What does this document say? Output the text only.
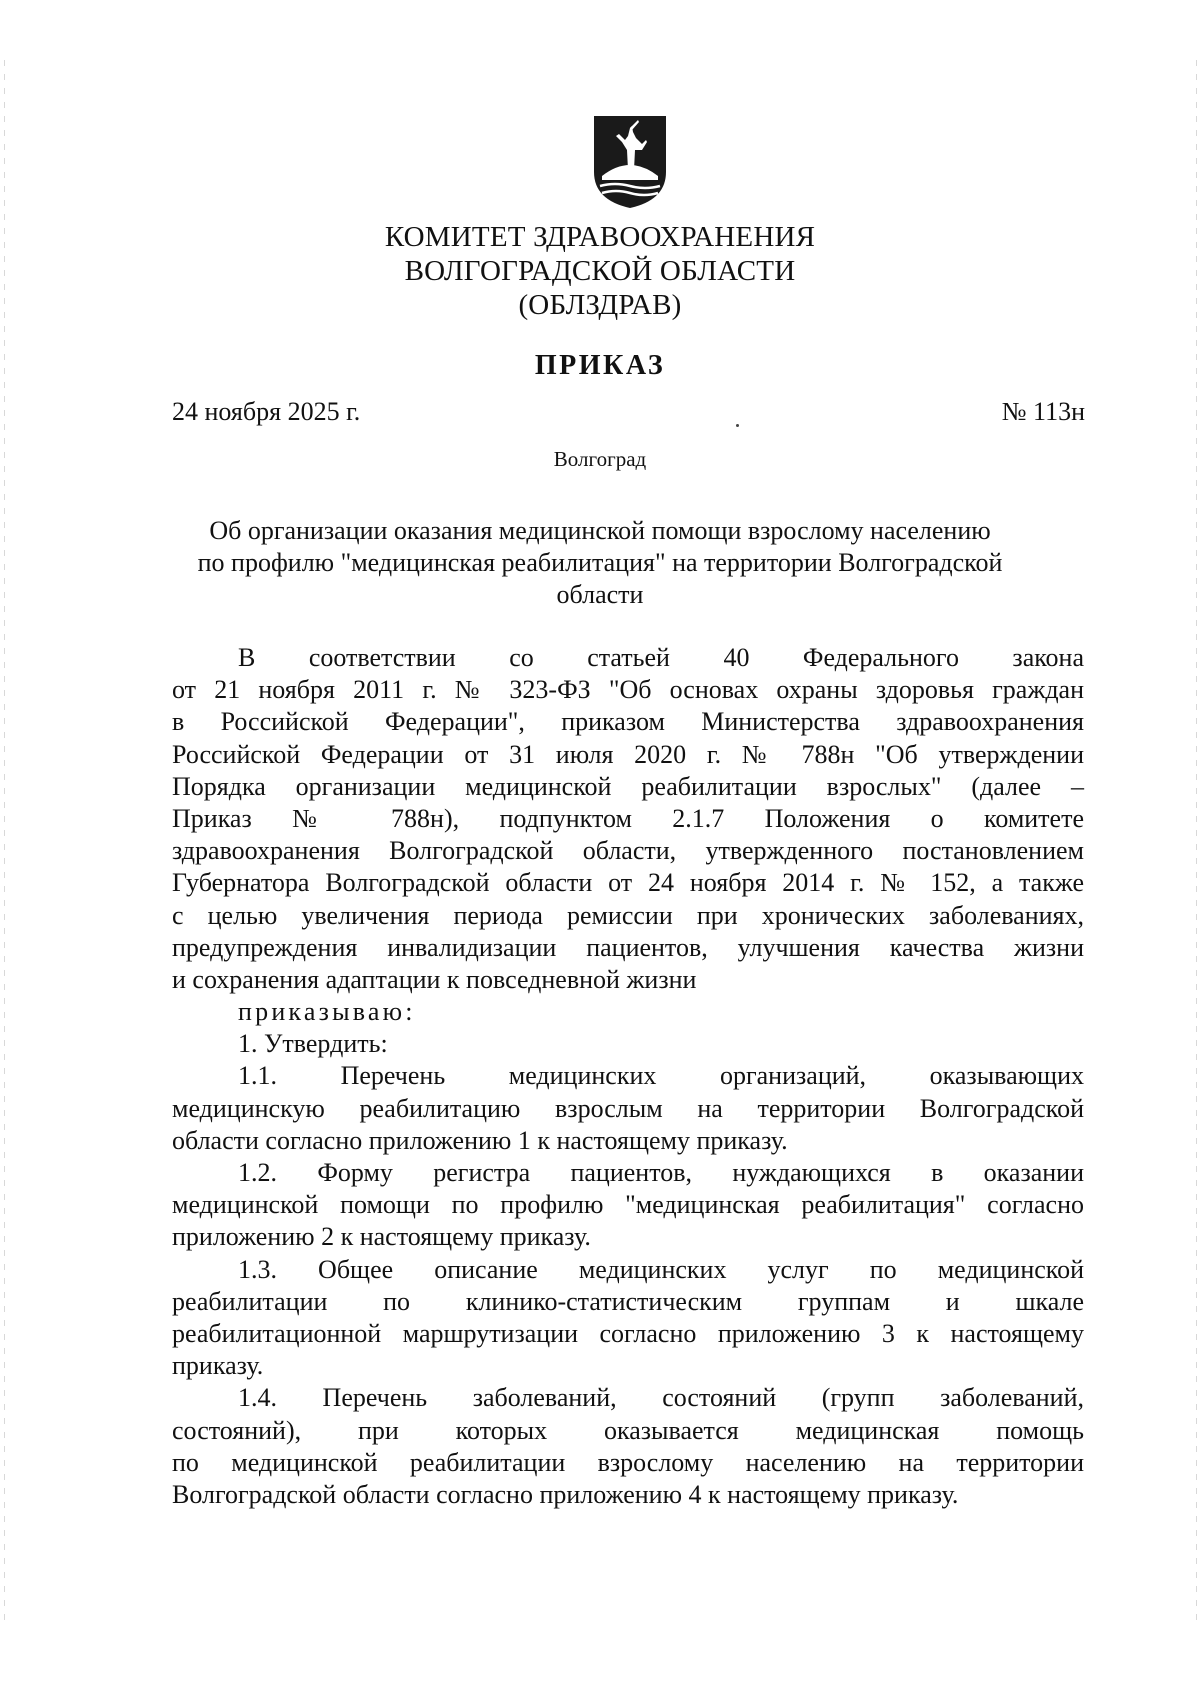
КОМИТЕТ ЗДРАВООХРАНЕНИЯ
ВОЛГОГРАДСКОЙ ОБЛАСТИ
(ОБЛЗДРАВ)
ПРИКАЗ
24 ноября 2025 г.	№ 113н
Волгоград
Об организации оказания медицинской помощи взрослому населению
по профилю "медицинская реабилитация" на территории Волгоградской
области
В соответствии со статьей 40 Федерального закона
от 21 ноября 2011 г. № 323-ФЗ "Об основах охраны здоровья граждан
в Российской Федерации", приказом Министерства здравоохранения
Российской Федерации от 31 июля 2020 г. № 788н "Об утверждении
Порядка организации медицинской реабилитации взрослых" (далее –
Приказ № 788н), подпунктом 2.1.7 Положения о комитете
здравоохранения Волгоградской области, утвержденного постановлением
Губернатора Волгоградской области от 24 ноября 2014 г. № 152, а также
с целью увеличения периода ремиссии при хронических заболеваниях,
предупреждения инвалидизации пациентов, улучшения качества жизни
и сохранения адаптации к повседневной жизни
приказываю:
1. Утвердить:
1.1. Перечень медицинских организаций, оказывающих
медицинскую реабилитацию взрослым на территории Волгоградской
области согласно приложению 1 к настоящему приказу.
1.2. Форму регистра пациентов, нуждающихся в оказании
медицинской помощи по профилю "медицинская реабилитация" согласно
приложению 2 к настоящему приказу.
1.3. Общее описание медицинских услуг по медицинской
реабилитации по клинико-статистическим группам и шкале
реабилитационной маршрутизации согласно приложению 3 к настоящему
приказу.
1.4. Перечень заболеваний, состояний (групп заболеваний,
состояний), при которых оказывается медицинская помощь
по медицинской реабилитации взрослому населению на территории
Волгоградской области согласно приложению 4 к настоящему приказу.
